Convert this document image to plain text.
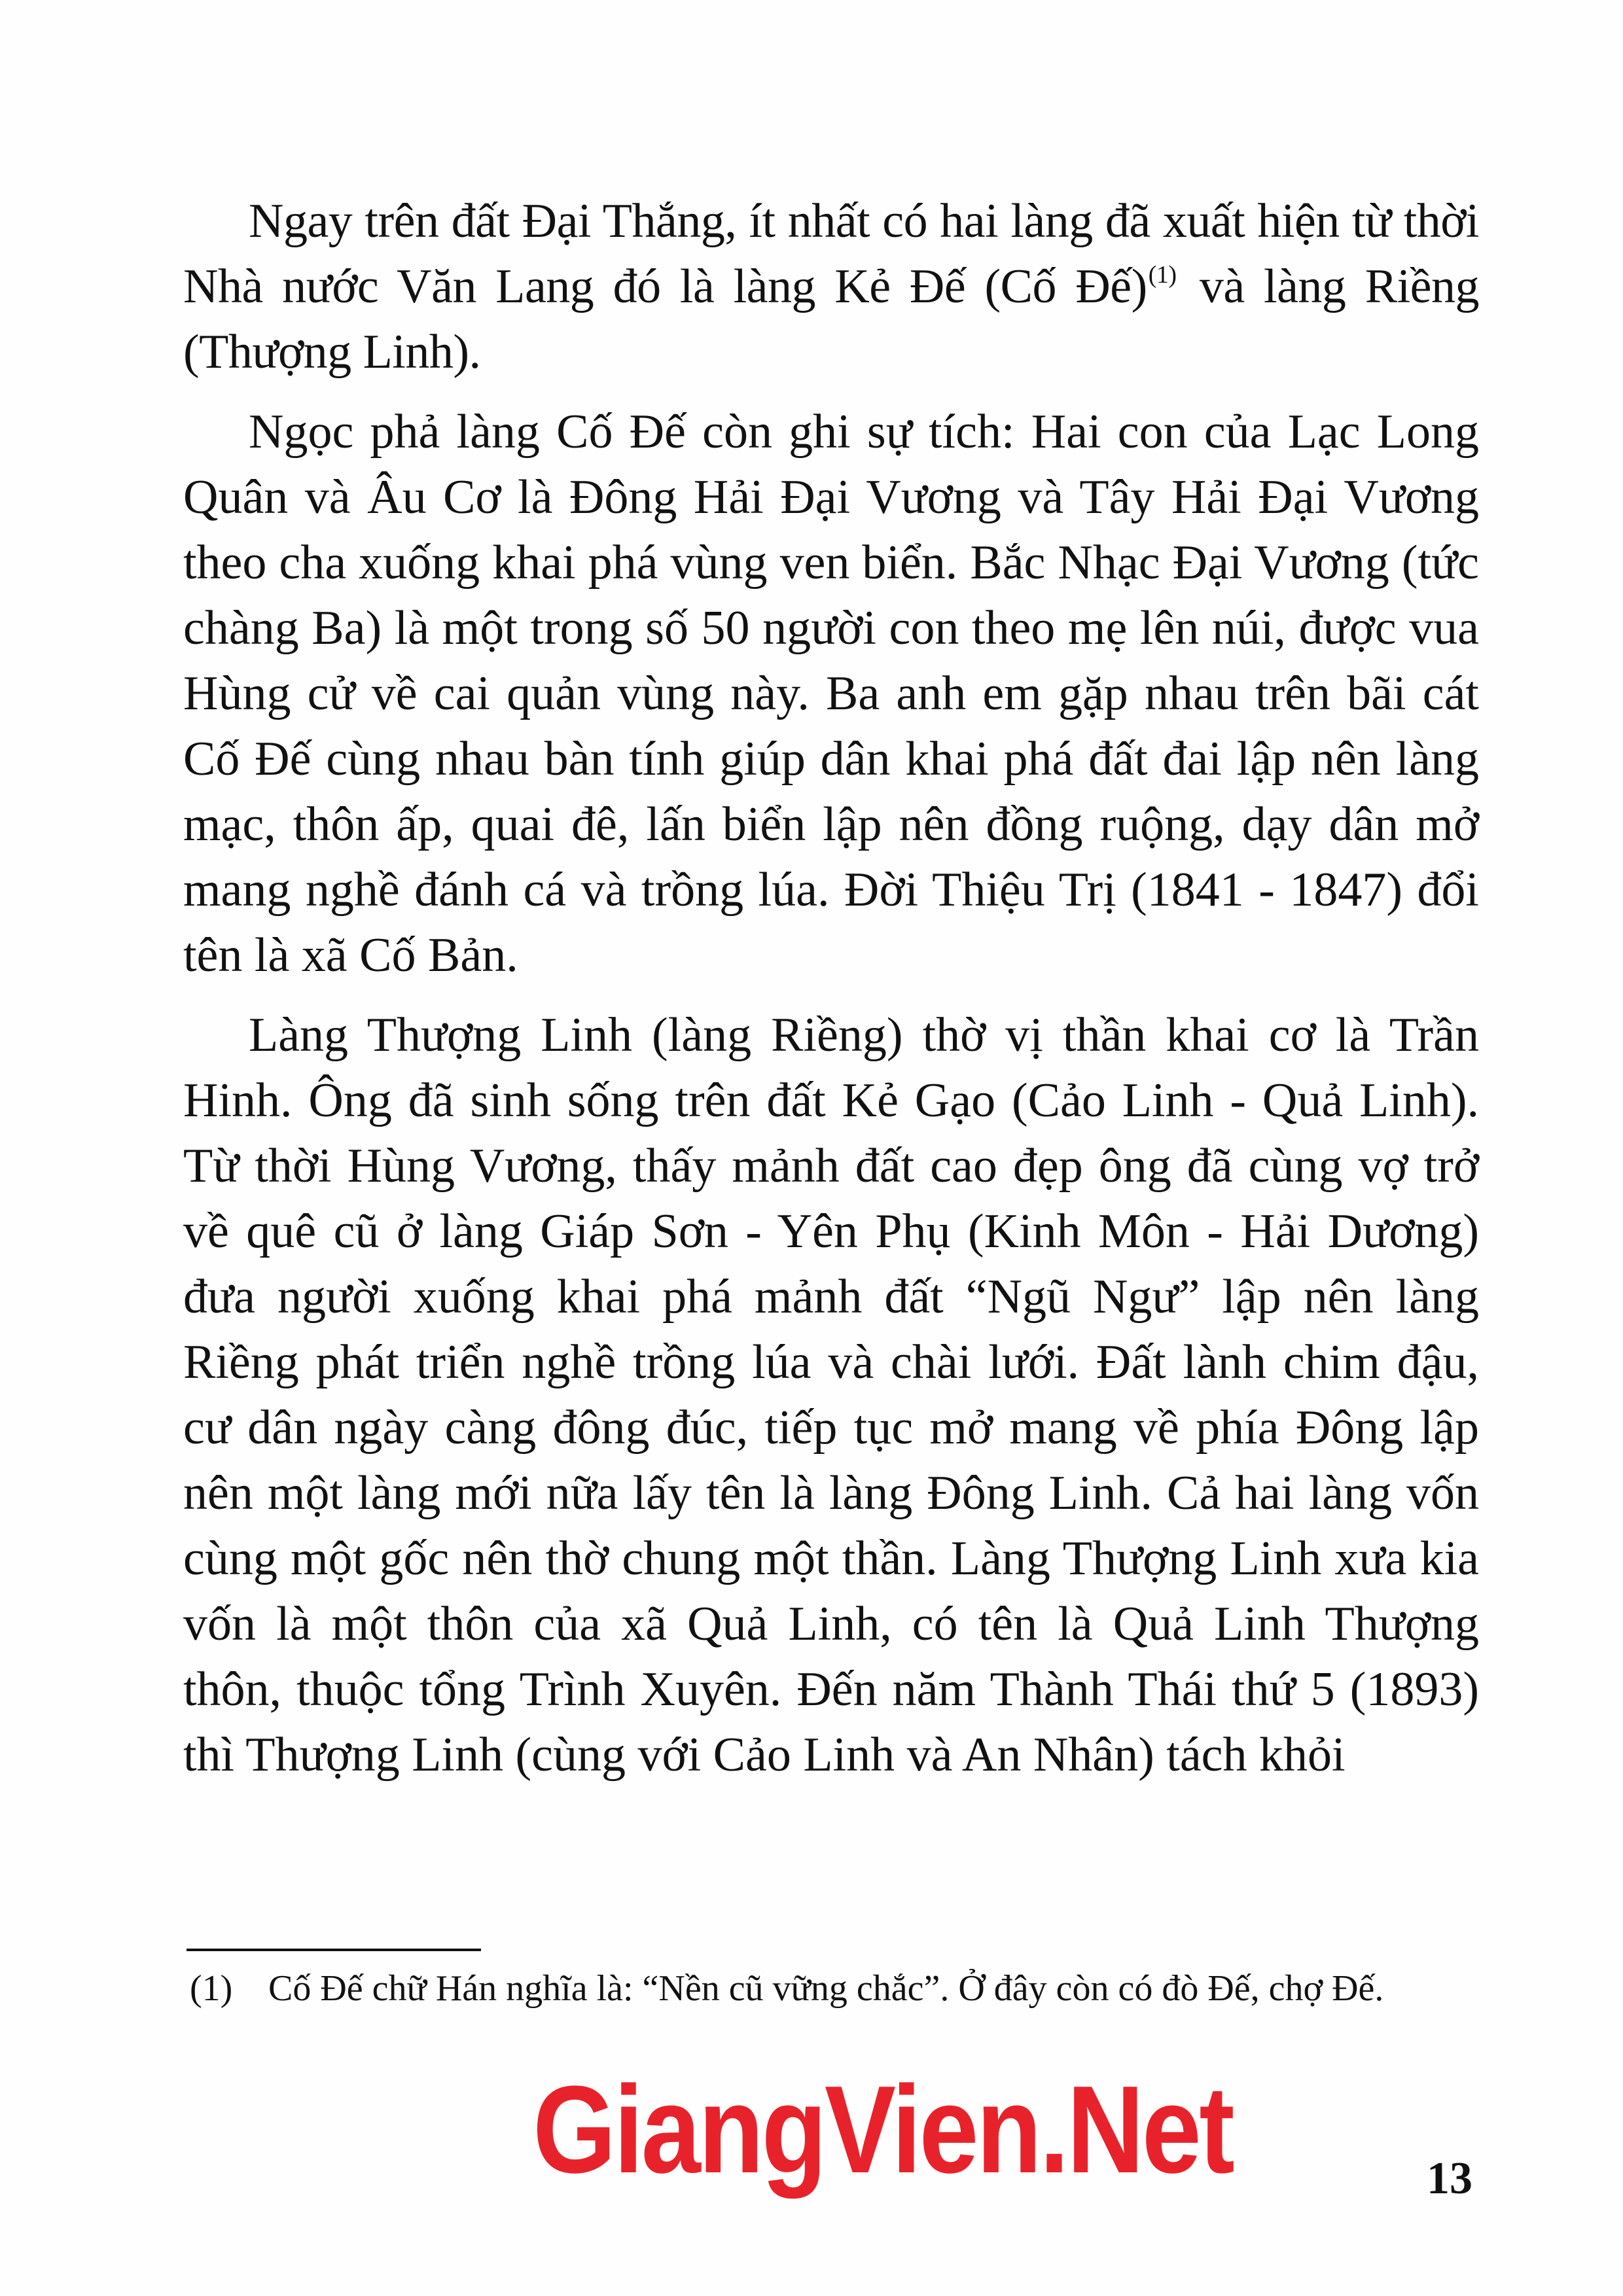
Ngay trên đất Đại Thắng, ít nhất có hai làng đã xuất hiện từ thời Nhà nước Văn Lang đó là làng Kẻ Đế (Cố Đế)$^{(1)}$ và làng Riềng (Thượng Linh).

Ngọc phả làng Cố Đế còn ghi sự tích: Hai con của Lạc Long Quân và Âu Cơ là Đông Hải Đại Vương và Tây Hải Đại Vương theo cha xuống khai phá vùng ven biển. Bắc Nhạc Đại Vương (tức chàng Ba) là một trong số 50 người con theo mẹ lên núi, được vua Hùng cử về cai quản vùng này. Ba anh em gặp nhau trên bãi cát Cố Đế cùng nhau bàn tính giúp dân khai phá đất đai lập nên làng mạc, thôn ấp, quai đê, lấn biển lập nên đồng ruộng, dạy dân mở mang nghề đánh cá và trồng lúa. Đời Thiệu Trị (1841 - 1847) đổi tên là xã Cố Bản.

Làng Thượng Linh (làng Riềng) thờ vị thần khai cơ là Trần Hinh. Ông đã sinh sống trên đất Kẻ Gạo (Cảo Linh - Quả Linh). Từ thời Hùng Vương, thấy mảnh đất cao đẹp ông đã cùng vợ trở về quê cũ ở làng Giáp Sơn - Yên Phụ (Kinh Môn - Hải Dương) đưa người xuống khai phá mảnh đất “Ngũ Ngư” lập nên làng Riềng phát triển nghề trồng lúa và chài lưới. Đất lành chim đậu, cư dân ngày càng đông đúc, tiếp tục mở mang về phía Đông lập nên một làng mới nữa lấy tên là làng Đông Linh. Cả hai làng vốn cùng một gốc nên thờ chung một thần. Làng Thượng Linh xưa kia vốn là một thôn của xã Quả Linh, có tên là Quả Linh Thượng thôn, thuộc tổng Trình Xuyên. Đến năm Thành Thái thứ 5 (1893) thì Thượng Linh (cùng với Cảo Linh và An Nhân) tách khỏi

(1) Cố Đế chữ Hán nghĩa là: “Nền cũ vững chắc”. Ở đây còn có đò Đế, chợ Đế.
GiangVien.Net	13
